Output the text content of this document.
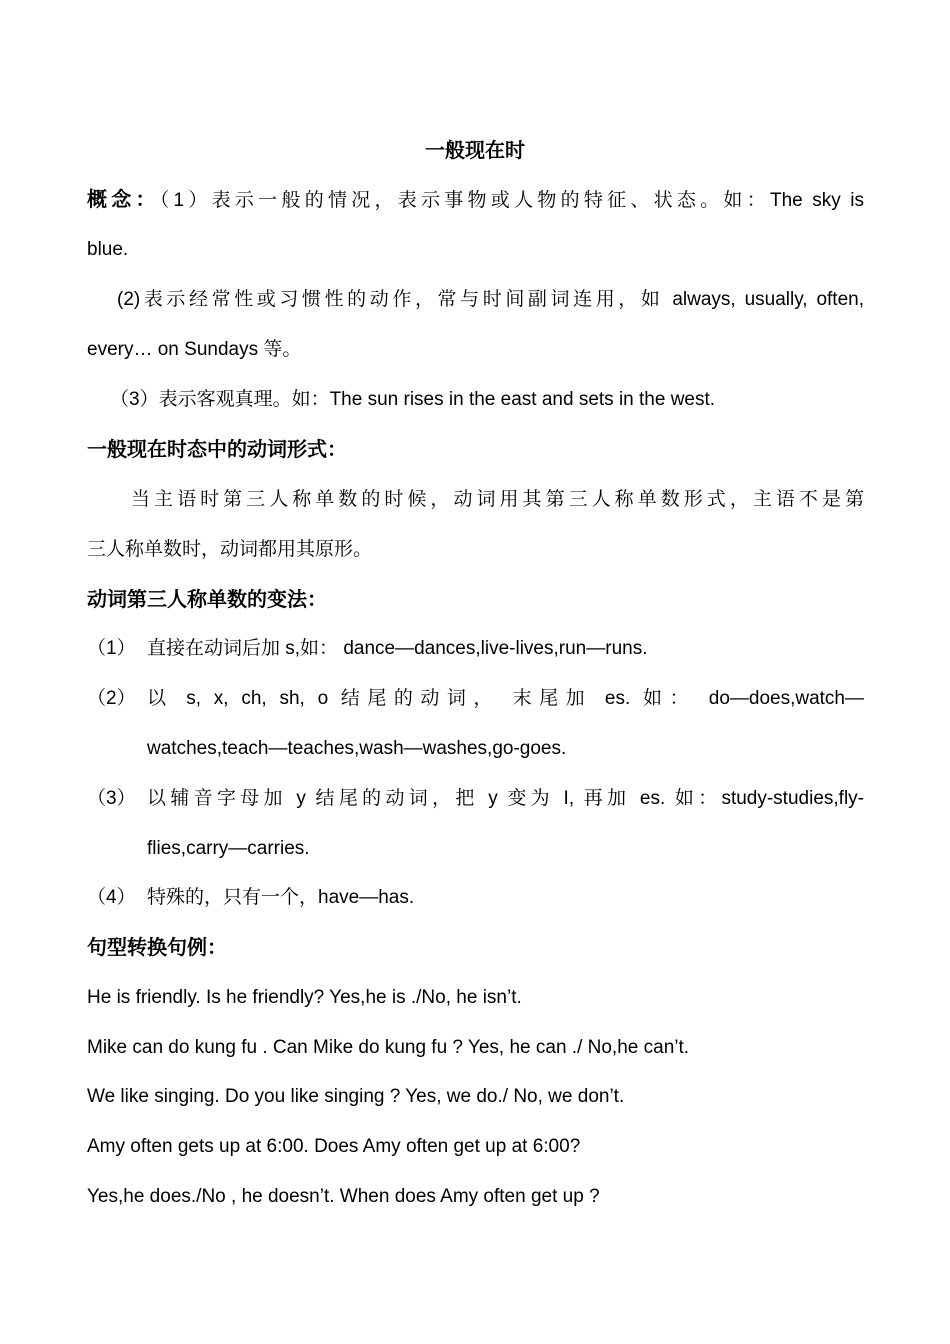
一般现在时
概念：（1）表示一般的情况，表示事物或人物的特征、状态。如：The sky is
blue.
(2)表示经常性或习惯性的动作，常与时间副词连用，如 always, usually, often,
every… on Sundays 等。
（3）表示客观真理。如：The sun rises in the east and sets in the west.
一般现在时态中的动词形式：
当主语时第三人称单数的时候，动词用其第三人称单数形式，主语不是第
三人称单数时，动词都用其原形。
动词第三人称单数的变法：
（1） 直接在动词后加 s,如： dance—dances,live-lives,run—runs.
（2） 以 s, x, ch, sh, o 结尾的动词， 末尾加 es. 如： do—does,watch—
watches,teach—teaches,wash—washes,go-goes.
（3） 以辅音字母加 y 结尾的动词，把 y 变为 I, 再加 es. 如：study-studies,fly-
flies,carry—carries.
（4） 特殊的，只有一个，have—has.
句型转换句例：
He is friendly. Is he friendly? Yes,he is ./No, he isn’t.
Mike can do kung fu . Can Mike do kung fu ? Yes, he can ./ No,he can’t.
We like singing. Do you like singing ? Yes, we do./ No, we don’t.
Amy often gets up at 6:00. Does Amy often get up at 6:00?
Yes,he does./No , he doesn’t. When does Amy often get up ?
